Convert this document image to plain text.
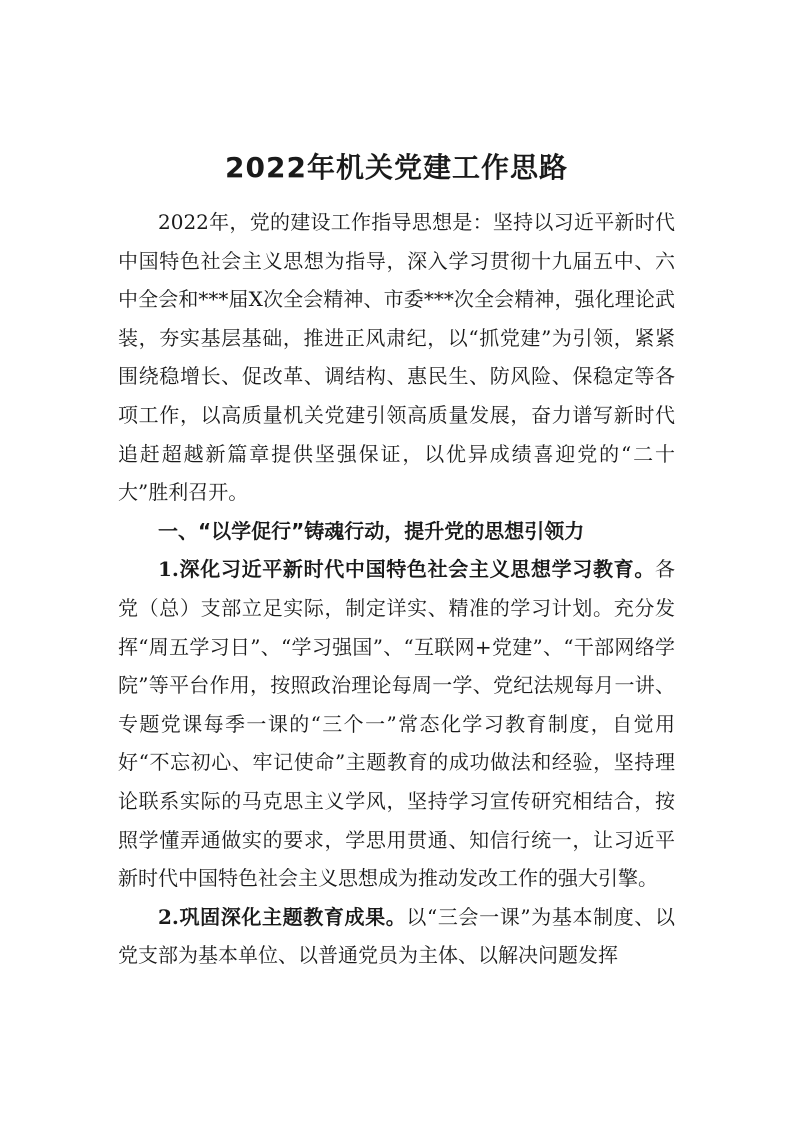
2022年机关党建工作思路

2022年，党的建设工作指导思想是：坚持以习近平新时代中国特色社会主义思想为指导，深入学习贯彻十九届五中、六中全会和***届X次全会精神、市委***次全会精神，强化理论武装，夯实基层基础，推进正风肃纪，以“抓党建”为引领，紧紧围绕稳增长、促改革、调结构、惠民生、防风险、保稳定等各项工作，以高质量机关党建引领高质量发展，奋力谱写新时代追赶超越新篇章提供坚强保证，以优异成绩喜迎党的“二十大”胜利召开。

一、“以学促行”铸魂行动，提升党的思想引领力

1.深化习近平新时代中国特色社会主义思想学习教育。各党（总）支部立足实际，制定详实、精准的学习计划。充分发挥“周五学习日”、“学习强国”、“互联网+党建”、“干部网络学院”等平台作用，按照政治理论每周一学、党纪法规每月一讲、专题党课每季一课的“三个一”常态化学习教育制度，自觉用好“不忘初心、牢记使命”主题教育的成功做法和经验，坚持理论联系实际的马克思主义学风，坚持学习宣传研究相结合，按照学懂弄通做实的要求，学思用贯通、知信行统一，让习近平新时代中国特色社会主义思想成为推动发改工作的强大引擎。

2.巩固深化主题教育成果。以“三会一课”为基本制度、以党支部为基本单位、以普通党员为主体、以解决问题发挥
